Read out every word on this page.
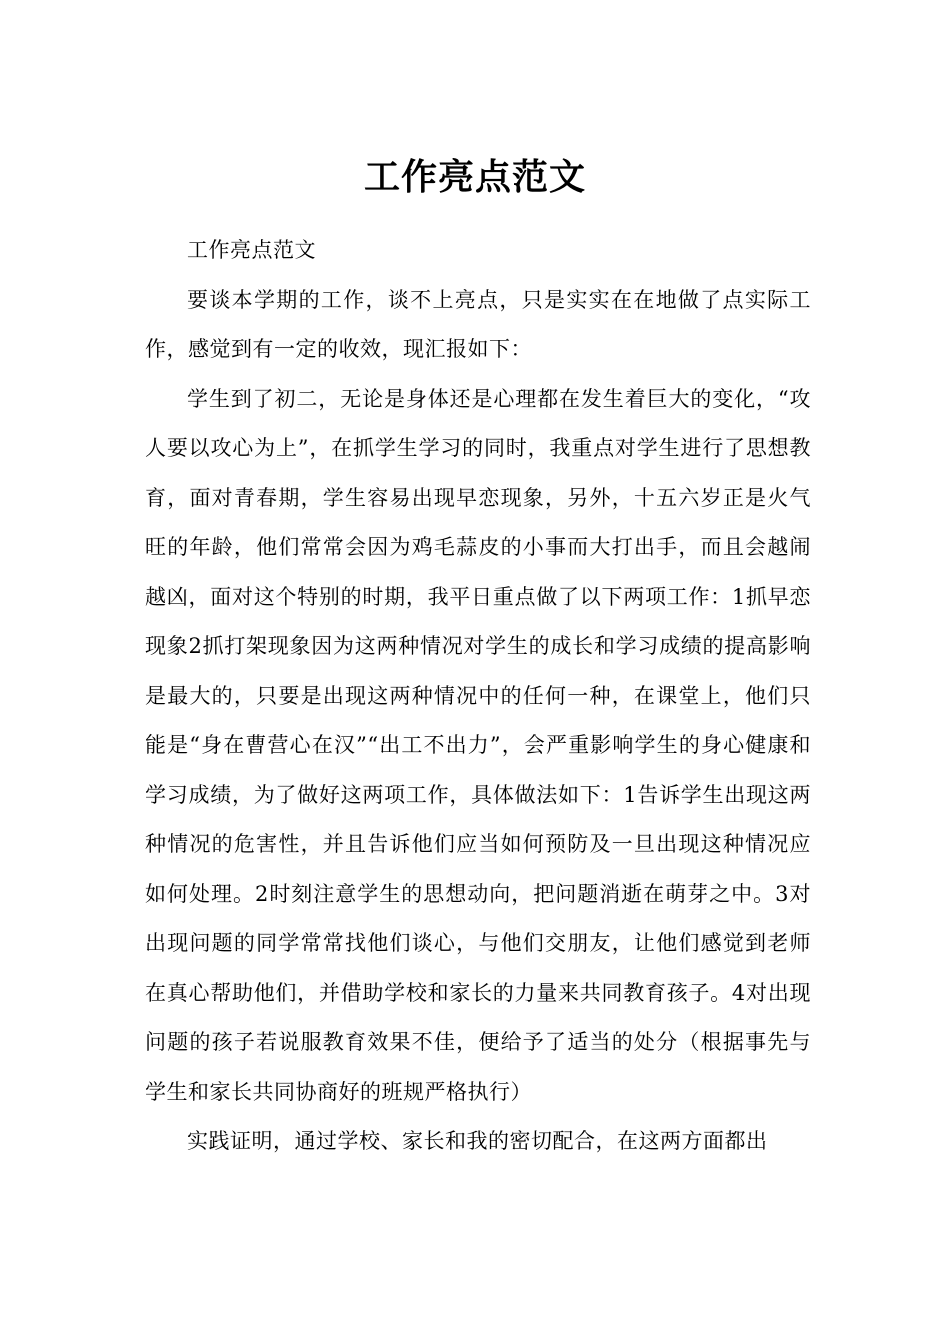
工作亮点范文

工作亮点范文

要谈本学期的工作，谈不上亮点，只是实实在在地做了点实际工作，感觉到有一定的收效，现汇报如下：

学生到了初二，无论是身体还是心理都在发生着巨大的变化，“攻人要以攻心为上”，在抓学生学习的同时，我重点对学生进行了思想教育，面对青春期，学生容易出现早恋现象，另外，十五六岁正是火气旺的年龄，他们常常会因为鸡毛蒜皮的小事而大打出手，而且会越闹越凶，面对这个特别的时期，我平日重点做了以下两项工作：1抓早恋现象2抓打架现象因为这两种情况对学生的成长和学习成绩的提高影响是最大的，只要是出现这两种情况中的任何一种，在课堂上，他们只能是“身在曹营心在汉”“出工不出力”，会严重影响学生的身心健康和学习成绩，为了做好这两项工作，具体做法如下：1告诉学生出现这两种情况的危害性，并且告诉他们应当如何预防及一旦出现这种情况应如何处理。2时刻注意学生的思想动向，把问题消逝在萌芽之中。3对出现问题的同学常常找他们谈心，与他们交朋友，让他们感觉到老师在真心帮助他们，并借助学校和家长的力量来共同教育孩子。4对出现问题的孩子若说服教育效果不佳，便给予了适当的处分（根据事先与学生和家长共同协商好的班规严格执行）

实践证明，通过学校、家长和我的密切配合，在这两方面都出
